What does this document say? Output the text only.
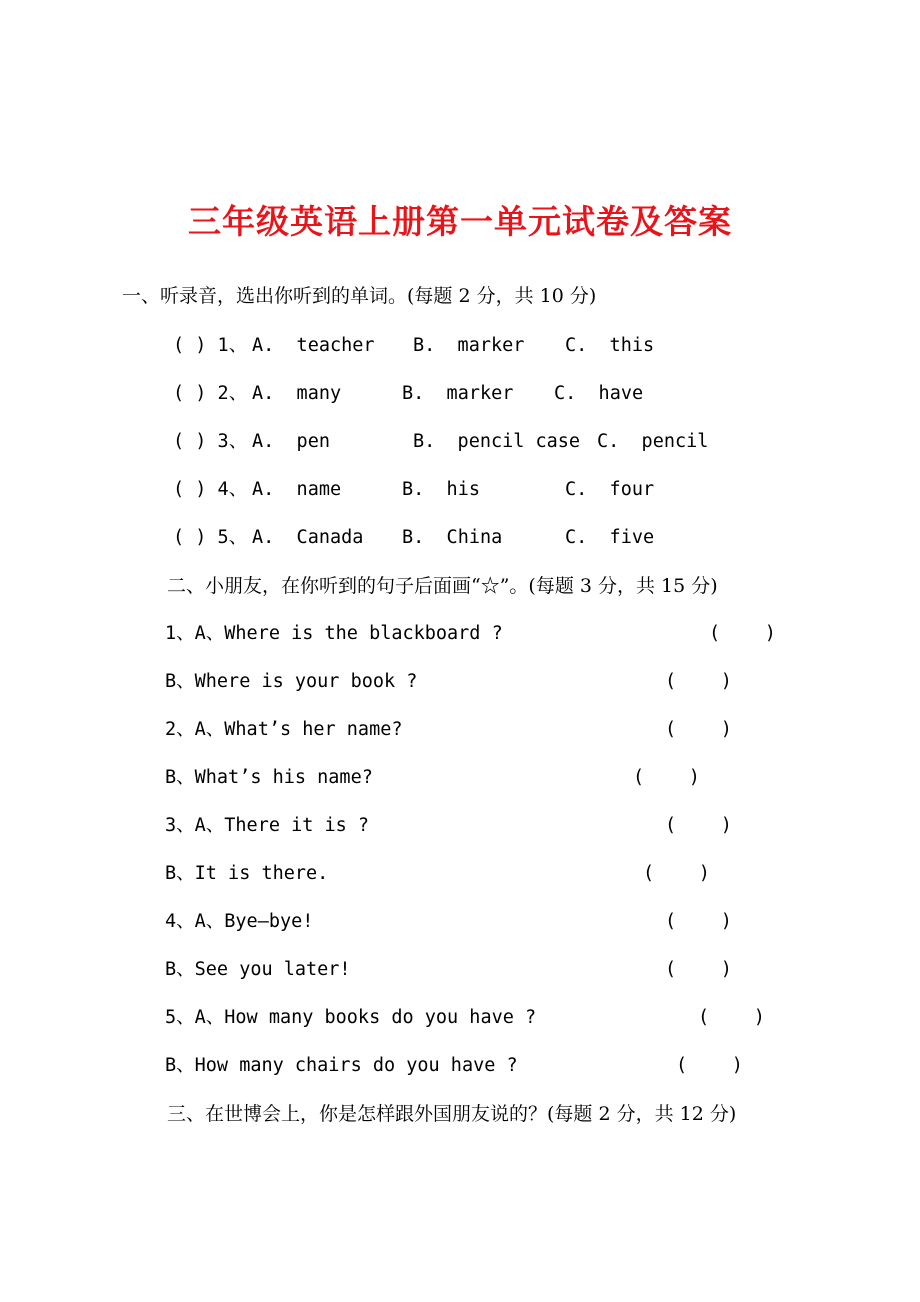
三年级英语上册第一单元试卷及答案
一、听录音，选出你听到的单词。(每题 2 分，共 10 分)
( ) 1、 A.  teacher B.  marker C.  this
( ) 2、 A.  many	B.  marker C.  have
( ) 3、 A.  pen	B.  pencil case C.  pencil
( ) 4、 A.  name	B.  his	C.  four
( ) 5、 A.  Canada B.  China	C.  five
二、小朋友，在你听到的句子后面画“☆”。(每题 3 分，共 15 分)
1、A、Where is the blackboard ?	(    )
B、Where is your book ?	(    )
2、A、What’s her name?	(    )
B、What’s his name?	(    )
3、A、There it is ?	(    )
B、It is there.	(    )
4、A、Bye—bye!	(    )
B、See you later!	(    )
5、A、How many books do you have ?	(    )
B、How many chairs do you have ?	(    )
三、在世博会上，你是怎样跟外国朋友说的？(每题 2 分，共 12 分)
